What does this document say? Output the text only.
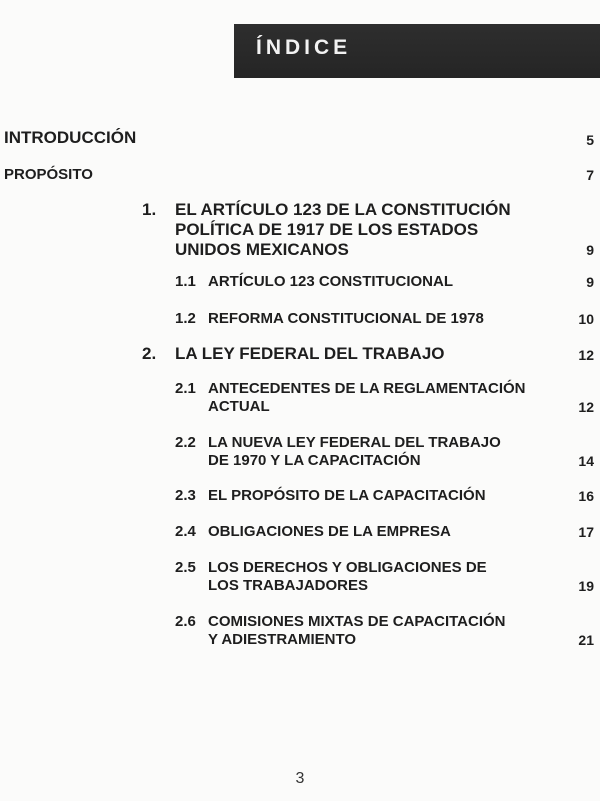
ÍNDICE
INTRODUCCIÓN	5
PROPÓSITO	7
1. EL ARTÍCULO 123 DE LA CONSTITUCIÓN
POLÍTICA DE 1917 DE LOS ESTADOS
UNIDOS MEXICANOS	9
1.1 ARTÍCULO 123 CONSTITUCIONAL	9
1.2 REFORMA CONSTITUCIONAL DE 1978	10
2. LA LEY FEDERAL DEL TRABAJO	12
2.1 ANTECEDENTES DE LA REGLAMENTACIÓN
ACTUAL	12
2.2 LA NUEVA LEY FEDERAL DEL TRABAJO
DE 1970 Y LA CAPACITACIÓN	14
2.3 EL PROPÓSITO DE LA CAPACITACIÓN	16
2.4 OBLIGACIONES DE LA EMPRESA	17
2.5 LOS DERECHOS Y OBLIGACIONES DE
LOS TRABAJADORES	19
2.6 COMISIONES MIXTAS DE CAPACITACIÓN
Y ADIESTRAMIENTO	21
3
